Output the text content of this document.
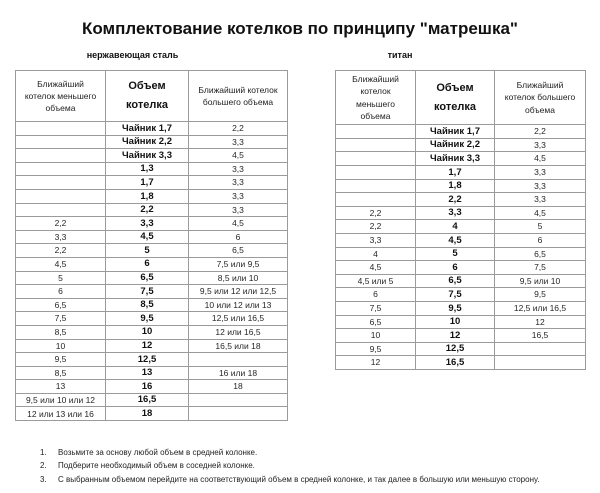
Комплектование котелков по принципу "матрешка"
нержавеющая сталь	титан
Ближайший котелок меньшего объема	Объем котелка	Ближайший котелок большего объема
	Чайник 1,7	2,2
	Чайник 2,2	3,3
	Чайник 3,3	4,5
	1,3	3,3
	1,7	3,3
	1,8	3,3
	2,2	3,3
2,2	3,3	4,5
3,3	4,5	6
2,2	5	6,5
4,5	6	7,5 или 9,5
5	6,5	8,5 или 10
6	7,5	9,5 или 12 или 12,5
6,5	8,5	10 или 12 или 13
7,5	9,5	12,5 или 16,5
8,5	10	12 или 16,5
10	12	16,5 или 18
9,5	12,5	
8,5	13	16 или 18
13	16	18
9,5 или 10 или 12	16,5	
12 или 13 или 16	18	
Ближайший котелок меньшего объема	Объем котелка	Ближайший котелок большего объема
	Чайник 1,7	2,2
	Чайник 2,2	3,3
	Чайник 3,3	4,5
	1,7	3,3
	1,8	3,3
	2,2	3,3
2,2	3,3	4,5
2,2	4	5
3,3	4,5	6
4	5	6,5
4,5	6	7,5
4,5 или 5	6,5	9,5 или 10
6	7,5	9,5
7,5	9,5	12,5 или 16,5
6,5	10	12
10	12	16,5
9,5	12,5	
12	16,5	
1.	Возьмите за основу любой объем в средней колонке.
2.	Подберите необходимый объем в соседней колонке.
3.	С выбранным объемом перейдите на соответствующий объем в средней колонке, и так далее в большую или меньшую сторону.
